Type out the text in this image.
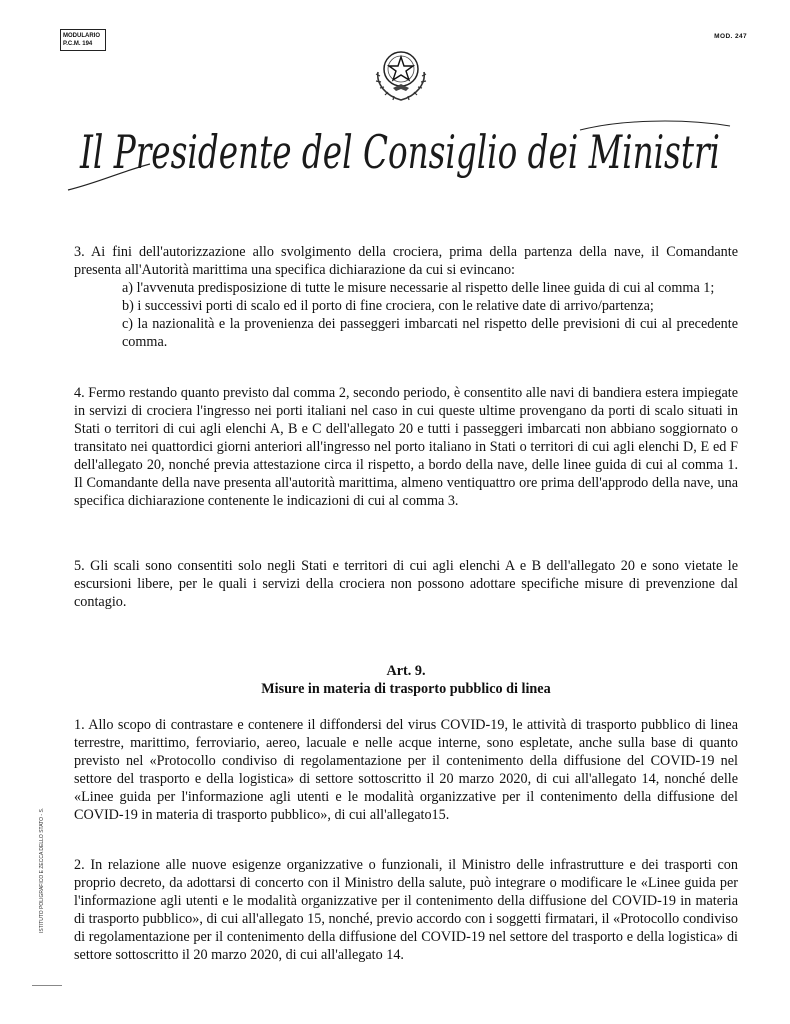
MODULARIO
P.C.M. 194
MOD. 247
Il Presidente del Consiglio dei Ministri

3. Ai fini dell'autorizzazione allo svolgimento della crociera, prima della partenza della nave, il Comandante presenta all'Autorità marittima una specifica dichiarazione da cui si evincano:

a) l'avvenuta predisposizione di tutte le misure necessarie al rispetto delle linee guida di cui al comma 1;

b) i successivi porti di scalo ed il porto di fine crociera, con le relative date di arrivo/partenza;

c) la nazionalità e la provenienza dei passeggeri imbarcati nel rispetto delle previsioni di cui al precedente comma.

4. Fermo restando quanto previsto dal comma 2, secondo periodo, è consentito alle navi di bandiera estera impiegate in servizi di crociera l'ingresso nei porti italiani nel caso in cui queste ultime provengano da porti di scalo situati in Stati o territori di cui agli elenchi A, B e C dell'allegato 20 e tutti i passeggeri imbarcati non abbiano soggiornato o transitato nei quattordici giorni anteriori all'ingresso nel porto italiano in Stati o territori di cui agli elenchi D, E ed F dell'allegato 20, nonché previa attestazione circa il rispetto, a bordo della nave, delle linee guida di cui al comma 1. Il Comandante della nave presenta all'autorità marittima, almeno ventiquattro ore prima dell'approdo della nave, una specifica dichiarazione contenente le indicazioni di cui al comma 3.

5. Gli scali sono consentiti solo negli Stati e territori di cui agli elenchi A e B dell'allegato 20 e sono vietate le escursioni libere, per le quali i servizi della crociera non possono adottare specifiche misure di prevenzione dal contagio.

Art. 9.
Misure in materia di trasporto pubblico di linea

1. Allo scopo di contrastare e contenere il diffondersi del virus COVID-19, le attività di trasporto pubblico di linea terrestre, marittimo, ferroviario, aereo, lacuale e nelle acque interne, sono espletate, anche sulla base di quanto previsto nel «Protocollo condiviso di regolamentazione per il contenimento della diffusione del COVID-19 nel settore del trasporto e della logistica» di settore sottoscritto il 20 marzo 2020, di cui all'allegato 14, nonché delle «Linee guida per l'informazione agli utenti e le modalità organizzative per il contenimento della diffusione del COVID-19 in materia di trasporto pubblico», di cui all'allegato15.

2. In relazione alle nuove esigenze organizzative o funzionali, il Ministro delle infrastrutture e dei trasporti con proprio decreto, da adottarsi di concerto con il Ministro della salute, può integrare o modificare le «Linee guida per l'informazione agli utenti e le modalità organizzative per il contenimento della diffusione del COVID-19 in materia di trasporto pubblico», di cui all'allegato 15, nonché, previo accordo con i soggetti firmatari, il «Protocollo condiviso di regolamentazione per il contenimento della diffusione del COVID-19 nel settore del trasporto e della logistica» di settore sottoscritto il 20 marzo 2020, di cui all'allegato 14.

ISTITUTO POLIGRAFICO E ZECCA DELLO STATO - S.
